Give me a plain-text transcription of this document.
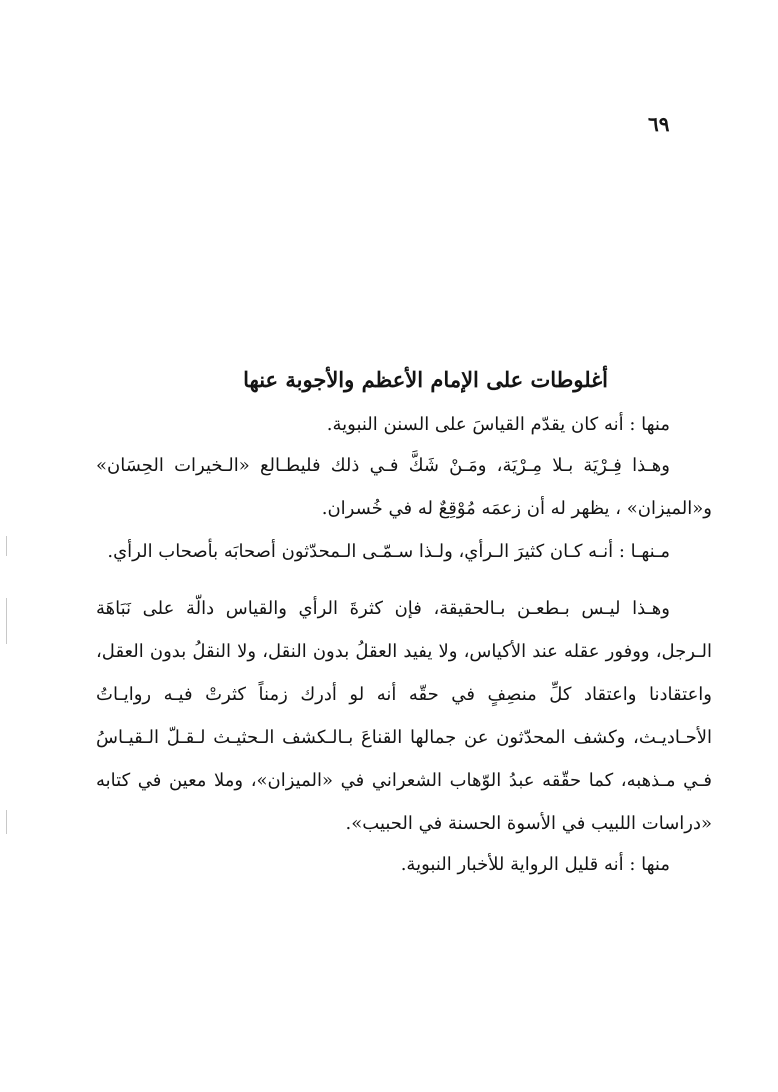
٦٩
أغلوطات على الإمام الأعظم والأجوبة عنها

منها : أنه كان يقدّم القياسَ على السنن النبوية.

وهـذا فِـرْيَة بـلا مِـرْيَة، ومَـنْ شَكَّ فـي ذلك فليطـالع «الـخيرات الحِسَان» و«الميزان» ، يظهر له أن زعمَه مُوْقِعٌ له في خُسران.

مـنهـا : أنـه كـان كثيرَ الـرأي، ولـذا سـمّـى الـمحدّثون أصحابَه بأصحاب الرأي.

وهـذا ليـس بـطعـن بـالحقيقة، فإن كثرةَ الرأي والقياس دالّة على نَبَاهَة الـرجل، ووفور عقله عند الأكياس، ولا يفيد العقلُ بدون النقل، ولا النقلُ بدون العقل، واعتقادنا واعتقاد كلِّ منصِفٍ في حقّه أنه لو أدرك زمناً كثرتْ فيـه روايـاتُ الأحـاديـث، وكشف المحدّثون عن جمالها القناعَ بـالـكشف الـحثيـث لـقـلّ الـقيـاسُ فـي مـذهبه، كما حقّقه عبدُ الوّهاب الشعراني في «الميزان»، وملا معين في كتابه «دراسات اللبيب في الأسوة الحسنة في الحبيب».

منها : أنه قليل الرواية للأخبار النبوية.
